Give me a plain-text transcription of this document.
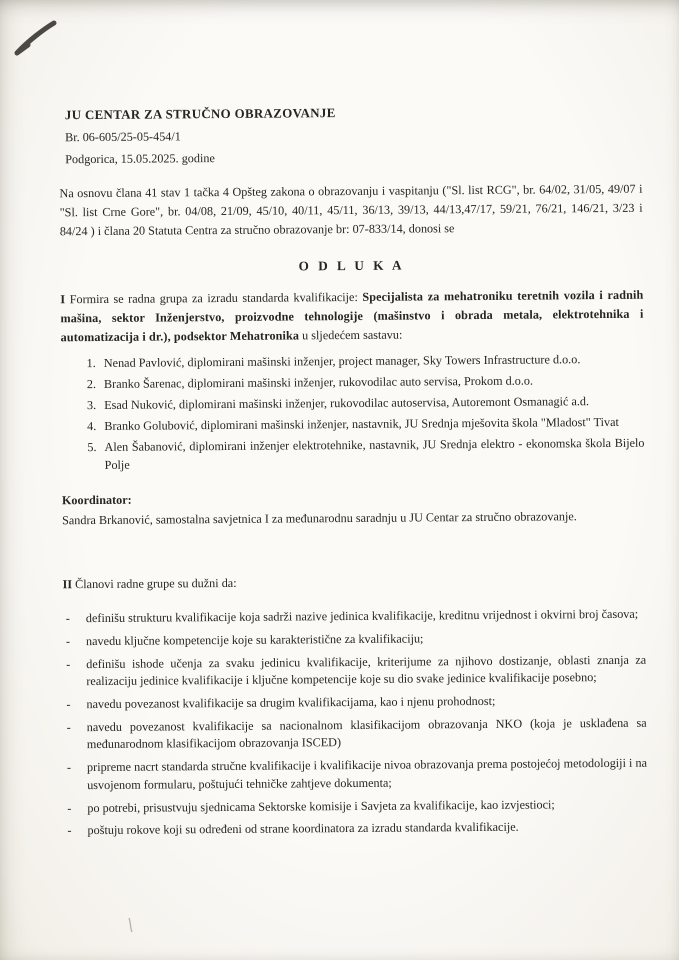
JU CENTAR ZA STRUČNO OBRAZOVANJE
Br. 06-605/25-05-454/1
Podgorica, 15.05.2025. godine

Na osnovu člana 41 stav 1 tačka 4 Opšteg zakona o obrazovanju i vaspitanju ("Sl. list RCG", br. 64/02, 31/05, 49/07 i "Sl. list Crne Gore", br. 04/08, 21/09, 45/10, 40/11, 45/11, 36/13, 39/13, 44/13,47/17, 59/21, 76/21, 146/21, 3/23 i 84/24 ) i člana 20 Statuta Centra za stručno obrazovanje br: 07-833/14, donosi se

O D L U K A

I Formira se radna grupa za izradu standarda kvalifikacije: Specijalista za mehatroniku teretnih vozila i radnih mašina, sektor Inženjerstvo, proizvodne tehnologije (mašinstvo i obrada metala, elektrotehnika i automatizacija i dr.), podsektor Mehatronika u sljedećem sastavu:

1. Nenad Pavlović, diplomirani mašinski inženjer, project manager, Sky Towers Infrastructure d.o.o.
2. Branko Šarenac, diplomirani mašinski inženjer, rukovodilac auto servisa, Prokom d.o.o.
3. Esad Nuković, diplomirani mašinski inženjer, rukovodilac autoservisa, Autoremont Osmanagić a.d.
4. Branko Golubović, diplomirani mašinski inženjer, nastavnik, JU Srednja mješovita škola "Mladost" Tivat
5. Alen Šabanović, diplomirani inženjer elektrotehnike, nastavnik, JU Srednja elektro - ekonomska škola Bijelo Polje
Koordinator:

Sandra Brkanović, samostalna savjetnica I za međunarodnu saradnju u JU Centar za stručno obrazovanje.

II Članovi radne grupe su dužni da:

- definišu strukturu kvalifikacije koja sadrži nazive jedinica kvalifikacije, kreditnu vrijednost i okvirni broj časova;
- navedu ključne kompetencije koje su karakteristične za kvalifikaciju;
- definišu ishode učenja za svaku jedinicu kvalifikacije, kriterijume za njihovo dostizanje, oblasti znanja za realizaciju jedinice kvalifikacije i ključne kompetencije koje su dio svake jedinice kvalifikacije posebno;
- navedu povezanost kvalifikacije sa drugim kvalifikacijama, kao i njenu prohodnost;
- navedu povezanost kvalifikacije sa nacionalnom klasifikacijom obrazovanja NKO (koja je usklađena sa međunarodnom klasifikacijom obrazovanja ISCED)
- pripreme nacrt standarda stručne kvalifikacije i kvalifikacije nivoa obrazovanja prema postojećoj metodologiji i na usvojenom formularu, poštujući tehničke zahtjeve dokumenta;
- po potrebi, prisustvuju sjednicama Sektorske komisije i Savjeta za kvalifikacije, kao izvjestioci;
- poštuju rokove koji su određeni od strane koordinatora za izradu standarda kvalifikacije.
